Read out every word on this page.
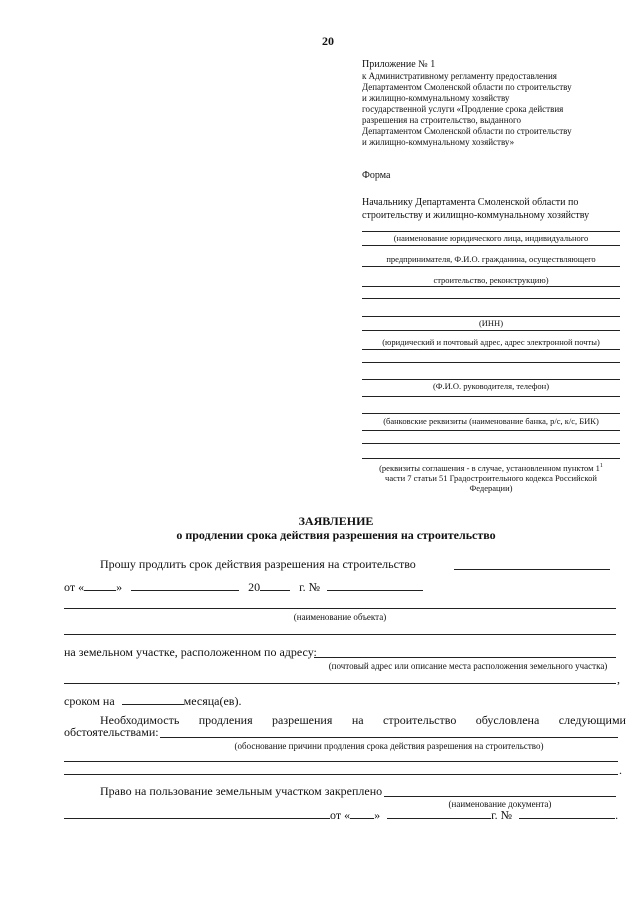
20
Приложение № 1
к Административному регламенту предоставления
Департаментом Смоленской области по строительству
и жилищно-коммунальному хозяйству
государственной услуги «Продление срока действия
разрешения на строительство, выданного
Департаментом Смоленской области по строительству
и жилищно-коммунальному хозяйству»
Форма
Начальнику Департамента Смоленской области по
строительству и жилищно-коммунальному хозяйству
(наименование юридического лица, индивидуального
предпринимателя, Ф.И.О. гражданина, осуществляющего
строительство, реконструкцию)
(ИНН)
(юридический и почтовый адрес, адрес электронной почты)
(Ф.И.О. руководителя, телефон)
(банковские реквизиты (наименование банка, р/с, к/с, БИК)
(реквизиты соглашения - в случае, установленном пунктом $1^1$
части 7 статьи 51 Градостроительного кодекса Российской
Федерации)
ЗАЯВЛЕНИЕ
о продлении срока действия разрешения на строительство
Прошу продлить срок действия разрешения на строительство
от «	»	20	г. №
(наименование объекта)
на земельном участке, расположенном по адресу:
(почтовый адрес или описание места расположения земельного участка)
,
сроком на	месяца(ев).
Необходимость продления разрешения на строительство обусловлена следующими
обстоятельствами:
(обоснование причини продления срока действия разрешения на строительство)
.
Право на пользование земельным участком закреплено
(наименование документа)
от « »	г. №	.
